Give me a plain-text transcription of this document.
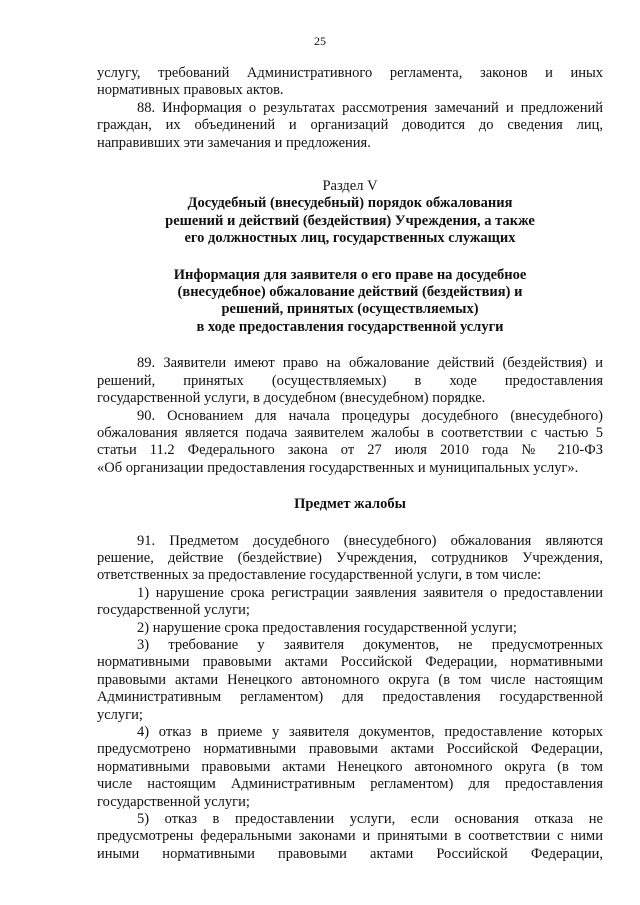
25
услугу, требований Административного регламента, законов и иных
нормативных правовых актов.
88. Информация о результатах рассмотрения замечаний и предложений
граждан, их объединений и организаций доводится до сведения лиц,
направивших эти замечания и предложения.
Раздел V
Досудебный (внесудебный) порядок обжалования
решений и действий (бездействия) Учреждения, а также
его должностных лиц, государственных служащих
Информация для заявителя о его праве на досудебное
(внесудебное) обжалование действий (бездействия) и
решений, принятых (осуществляемых)
в ходе предоставления государственной услуги
89. Заявители имеют право на обжалование действий (бездействия) и
решений, принятых (осуществляемых) в ходе предоставления
государственной услуги, в досудебном (внесудебном) порядке.
90. Основанием для начала процедуры досудебного (внесудебного)
обжалования является подача заявителем жалобы в соответствии с частью 5
статьи 11.2 Федерального закона от 27 июля 2010 года № 210-ФЗ
«Об организации предоставления государственных и муниципальных услуг».
Предмет жалобы
91. Предметом досудебного (внесудебного) обжалования являются
решение, действие (бездействие) Учреждения, сотрудников Учреждения,
ответственных за предоставление государственной услуги, в том числе:
1) нарушение срока регистрации заявления заявителя о предоставлении
государственной услуги;
2) нарушение срока предоставления государственной услуги;
3) требование у заявителя документов, не предусмотренных
нормативными правовыми актами Российской Федерации, нормативными
правовыми актами Ненецкого автономного округа (в том числе настоящим
Административным регламентом) для предоставления государственной
услуги;
4) отказ в приеме у заявителя документов, предоставление которых
предусмотрено нормативными правовыми актами Российской Федерации,
нормативными правовыми актами Ненецкого автономного округа (в том
числе настоящим Административным регламентом) для предоставления
государственной услуги;
5) отказ в предоставлении услуги, если основания отказа не
предусмотрены федеральными законами и принятыми в соответствии с ними
иными нормативными правовыми актами Российской Федерации,
